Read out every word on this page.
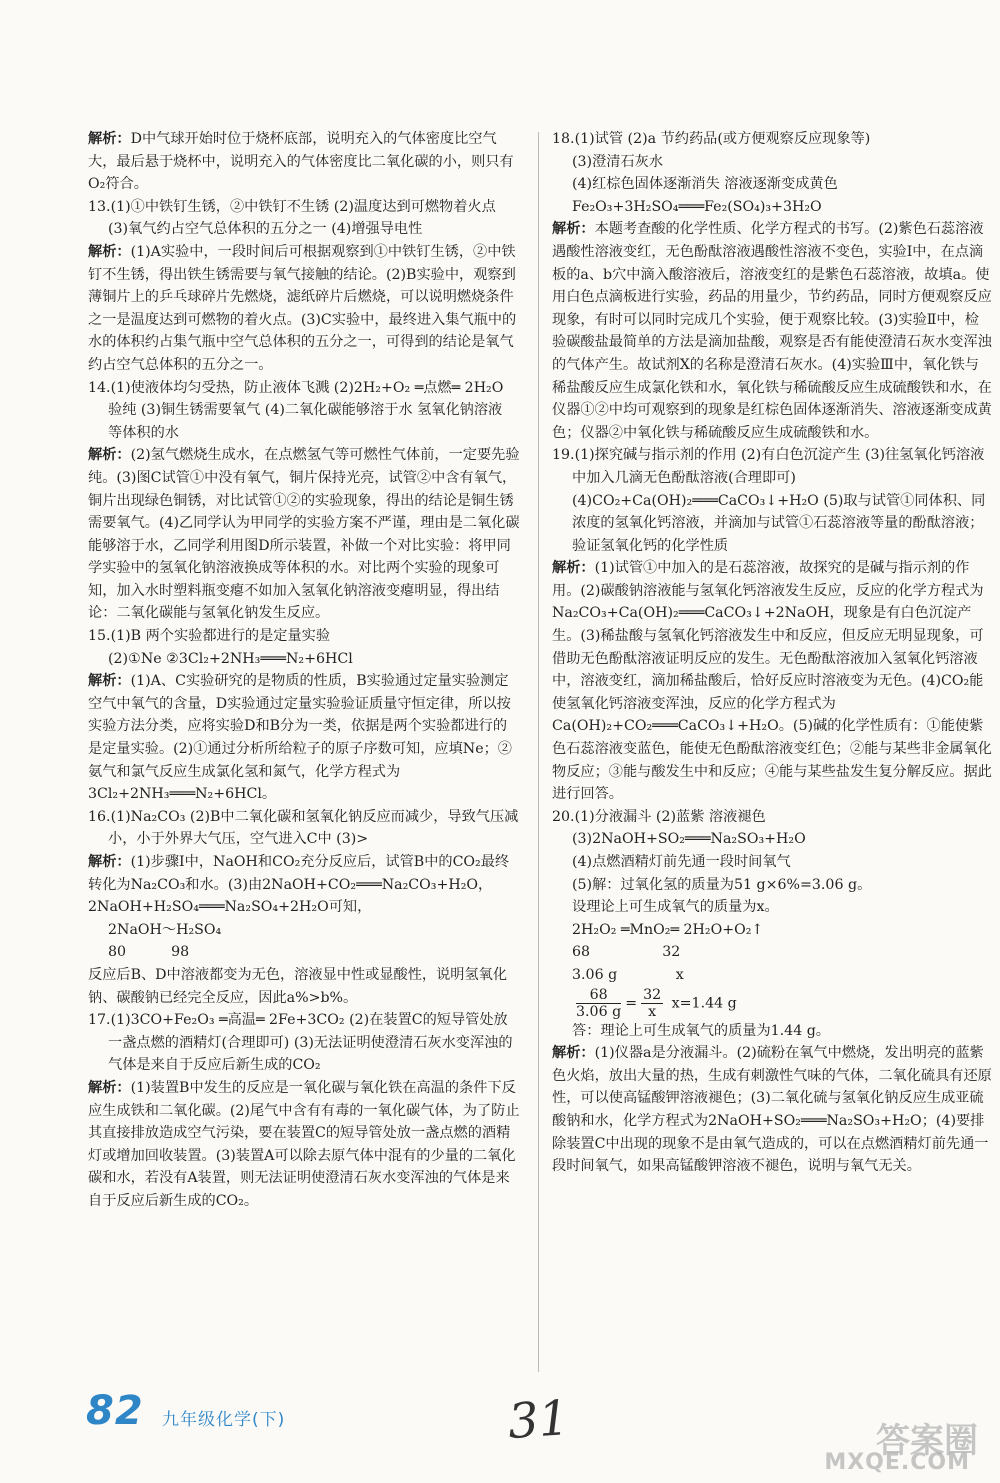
解析：D中气球开始时位于烧杯底部，说明充入的气体密度比空气大，最后悬于烧杯中，说明充入的气体密度比二氧化碳的小，则只有O₂符合。

13.(1)①中铁钉生锈，②中铁钉不生锈 (2)温度达到可燃物着火点 (3)氧气约占空气总体积的五分之一 (4)增强导电性
解析：(1)A实验中，一段时间后可根据观察到①中铁钉生锈，②中铁钉不生锈，得出铁生锈需要与氧气接触的结论。(2)B实验中，观察到薄铜片上的乒乓球碎片先燃烧，滤纸碎片后燃烧，可以说明燃烧条件之一是温度达到可燃物的着火点。(3)C实验中，最终进入集气瓶中的水的体积约占集气瓶中空气总体积的五分之一，可得到的结论是氧气约占空气总体积的五分之一。

14.(1)使液体均匀受热，防止液体飞溅 (2)2H₂+O₂ ═点燃═ 2H₂O 验纯 (3)铜生锈需要氧气 (4)二氧化碳能够溶于水 氢氧化钠溶液 等体积的水
解析：(2)氢气燃烧生成水，在点燃氢气等可燃性气体前，一定要先验纯。(3)图C试管①中没有氧气，铜片保持光亮，试管②中含有氧气，铜片出现绿色铜锈，对比试管①②的实验现象，得出的结论是铜生锈需要氧气。(4)乙同学认为甲同学的实验方案不严谨，理由是二氧化碳能够溶于水，乙同学利用图D所示装置，补做一个对比实验：将甲同学实验中的氢氧化钠溶液换成等体积的水。对比两个实验的现象可知，加入水时塑料瓶变瘪不如加入氢氧化钠溶液变瘪明显，得出结论：二氧化碳能与氢氧化钠发生反应。

15.(1)B 两个实验都进行的是定量实验
(2)①Ne ②3Cl₂+2NH₃═══N₂+6HCl
解析：(1)A、C实验研究的是物质的性质，B实验通过定量实验测定空气中氧气的含量，D实验通过定量实验验证质量守恒定律，所以按实验方法分类，应将实验D和B分为一类，依据是两个实验都进行的是定量实验。(2)①通过分析所给粒子的原子序数可知，应填Ne；②氨气和氯气反应生成氯化氢和氮气，化学方程式为3Cl₂+2NH₃═══N₂+6HCl。

16.(1)Na₂CO₃ (2)B中二氧化碳和氢氧化钠反应而减少，导致气压减小，小于外界大气压，空气进入C中 (3)>
解析：(1)步骤Ⅰ中，NaOH和CO₂充分反应后，试管B中的CO₂最终转化为Na₂CO₃和水。(3)由2NaOH+CO₂═══Na₂CO₃+H₂O，2NaOH+H₂SO₄═══Na₂SO₄+2H₂O可知，
2NaOH～H₂SO₄
80          98
反应后B、D中溶液都变为无色，溶液显中性或显酸性，说明氢氧化钠、碳酸钠已经完全反应，因此a%>b%。

17.(1)3CO+Fe₂O₃ ═高温═ 2Fe+3CO₂ (2)在装置C的短导管处放一盏点燃的酒精灯(合理即可) (3)无法证明使澄清石灰水变浑浊的气体是来自于反应后新生成的CO₂
解析：(1)装置B中发生的反应是一氧化碳与氧化铁在高温的条件下反应生成铁和二氧化碳。(2)尾气中含有有毒的一氧化碳气体，为了防止其直接排放造成空气污染，要在装置C的短导管处放一盏点燃的酒精灯或增加回收装置。(3)装置A可以除去原气体中混有的少量的二氧化碳和水，若没有A装置，则无法证明使澄清石灰水变浑浊的气体是来自于反应后新生成的CO₂。

18.(1)试管 (2)a 节约药品(或方便观察反应现象等)
(3)澄清石灰水
(4)红棕色固体逐渐消失 溶液逐渐变成黄色 Fe₂O₃+3H₂SO₄═══Fe₂(SO₄)₃+3H₂O
解析：本题考查酸的化学性质、化学方程式的书写。(2)紫色石蕊溶液遇酸性溶液变红，无色酚酞溶液遇酸性溶液不变色，实验Ⅰ中，在点滴板的a、b穴中滴入酸溶液后，溶液变红的是紫色石蕊溶液，故填a。使用白色点滴板进行实验，药品的用量少，节约药品，同时方便观察反应现象，有时可以同时完成几个实验，便于观察比较。(3)实验Ⅱ中，检验碳酸盐最简单的方法是滴加盐酸，观察是否有能使澄清石灰水变浑浊的气体产生。故试剂X的名称是澄清石灰水。(4)实验Ⅲ中，氧化铁与稀盐酸反应生成氯化铁和水，氧化铁与稀硫酸反应生成硫酸铁和水，在仪器①②中均可观察到的现象是红棕色固体逐渐消失、溶液逐渐变成黄色；仪器②中氧化铁与稀硫酸反应生成硫酸铁和水。

19.(1)探究碱与指示剂的作用 (2)有白色沉淀产生 (3)往氢氧化钙溶液中加入几滴无色酚酞溶液(合理即可) (4)CO₂+Ca(OH)₂═══CaCO₃↓+H₂O (5)取与试管①同体积、同浓度的氢氧化钙溶液，并滴加与试管①石蕊溶液等量的酚酞溶液；验证氢氧化钙的化学性质
解析：(1)试管①中加入的是石蕊溶液，故探究的是碱与指示剂的作用。(2)碳酸钠溶液能与氢氧化钙溶液发生反应，反应的化学方程式为Na₂CO₃+Ca(OH)₂═══CaCO₃↓+2NaOH，现象是有白色沉淀产生。(3)稀盐酸与氢氧化钙溶液发生中和反应，但反应无明显现象，可借助无色酚酞溶液证明反应的发生。无色酚酞溶液加入氢氧化钙溶液中，溶液变红，滴加稀盐酸后，恰好反应时溶液变为无色。(4)CO₂能使氢氧化钙溶液变浑浊，反应的化学方程式为Ca(OH)₂+CO₂═══CaCO₃↓+H₂O。(5)碱的化学性质有：①能使紫色石蕊溶液变蓝色，能使无色酚酞溶液变红色；②能与某些非金属氧化物反应；③能与酸发生中和反应；④能与某些盐发生复分解反应。据此进行回答。

20.(1)分液漏斗 (2)蓝紫 溶液褪色
(3)2NaOH+SO₂═══Na₂SO₃+H₂O
(4)点燃酒精灯前先通一段时间氧气
(5)解：过氧化氢的质量为51 g×6%=3.06 g。
设理论上可生成氧气的质量为x。
2H₂O₂ ═MnO₂═ 2H₂O+O₂↑
68                32
3.06 g             x
$\frac{68}{3.06 g} = \frac{32}{x} x=1.44$ g
答：理论上可生成氧气的质量为1.44 g。
解析：(1)仪器a是分液漏斗。(2)硫粉在氧气中燃烧，发出明亮的蓝紫色火焰，放出大量的热，生成有刺激性气味的气体，二氧化硫具有还原性，可以使高锰酸钾溶液褪色；(3)二氧化硫与氢氧化钠反应生成亚硫酸钠和水，化学方程式为2NaOH+SO₂═══Na₂SO₃+H₂O；(4)要排除装置C中出现的现象不是由氧气造成的，可以在点燃酒精灯前先通一段时间氧气，如果高锰酸钾溶液不褪色，说明与氧气无关。

82 九年级化学(下)	31	答案圈
MXQE.COM
